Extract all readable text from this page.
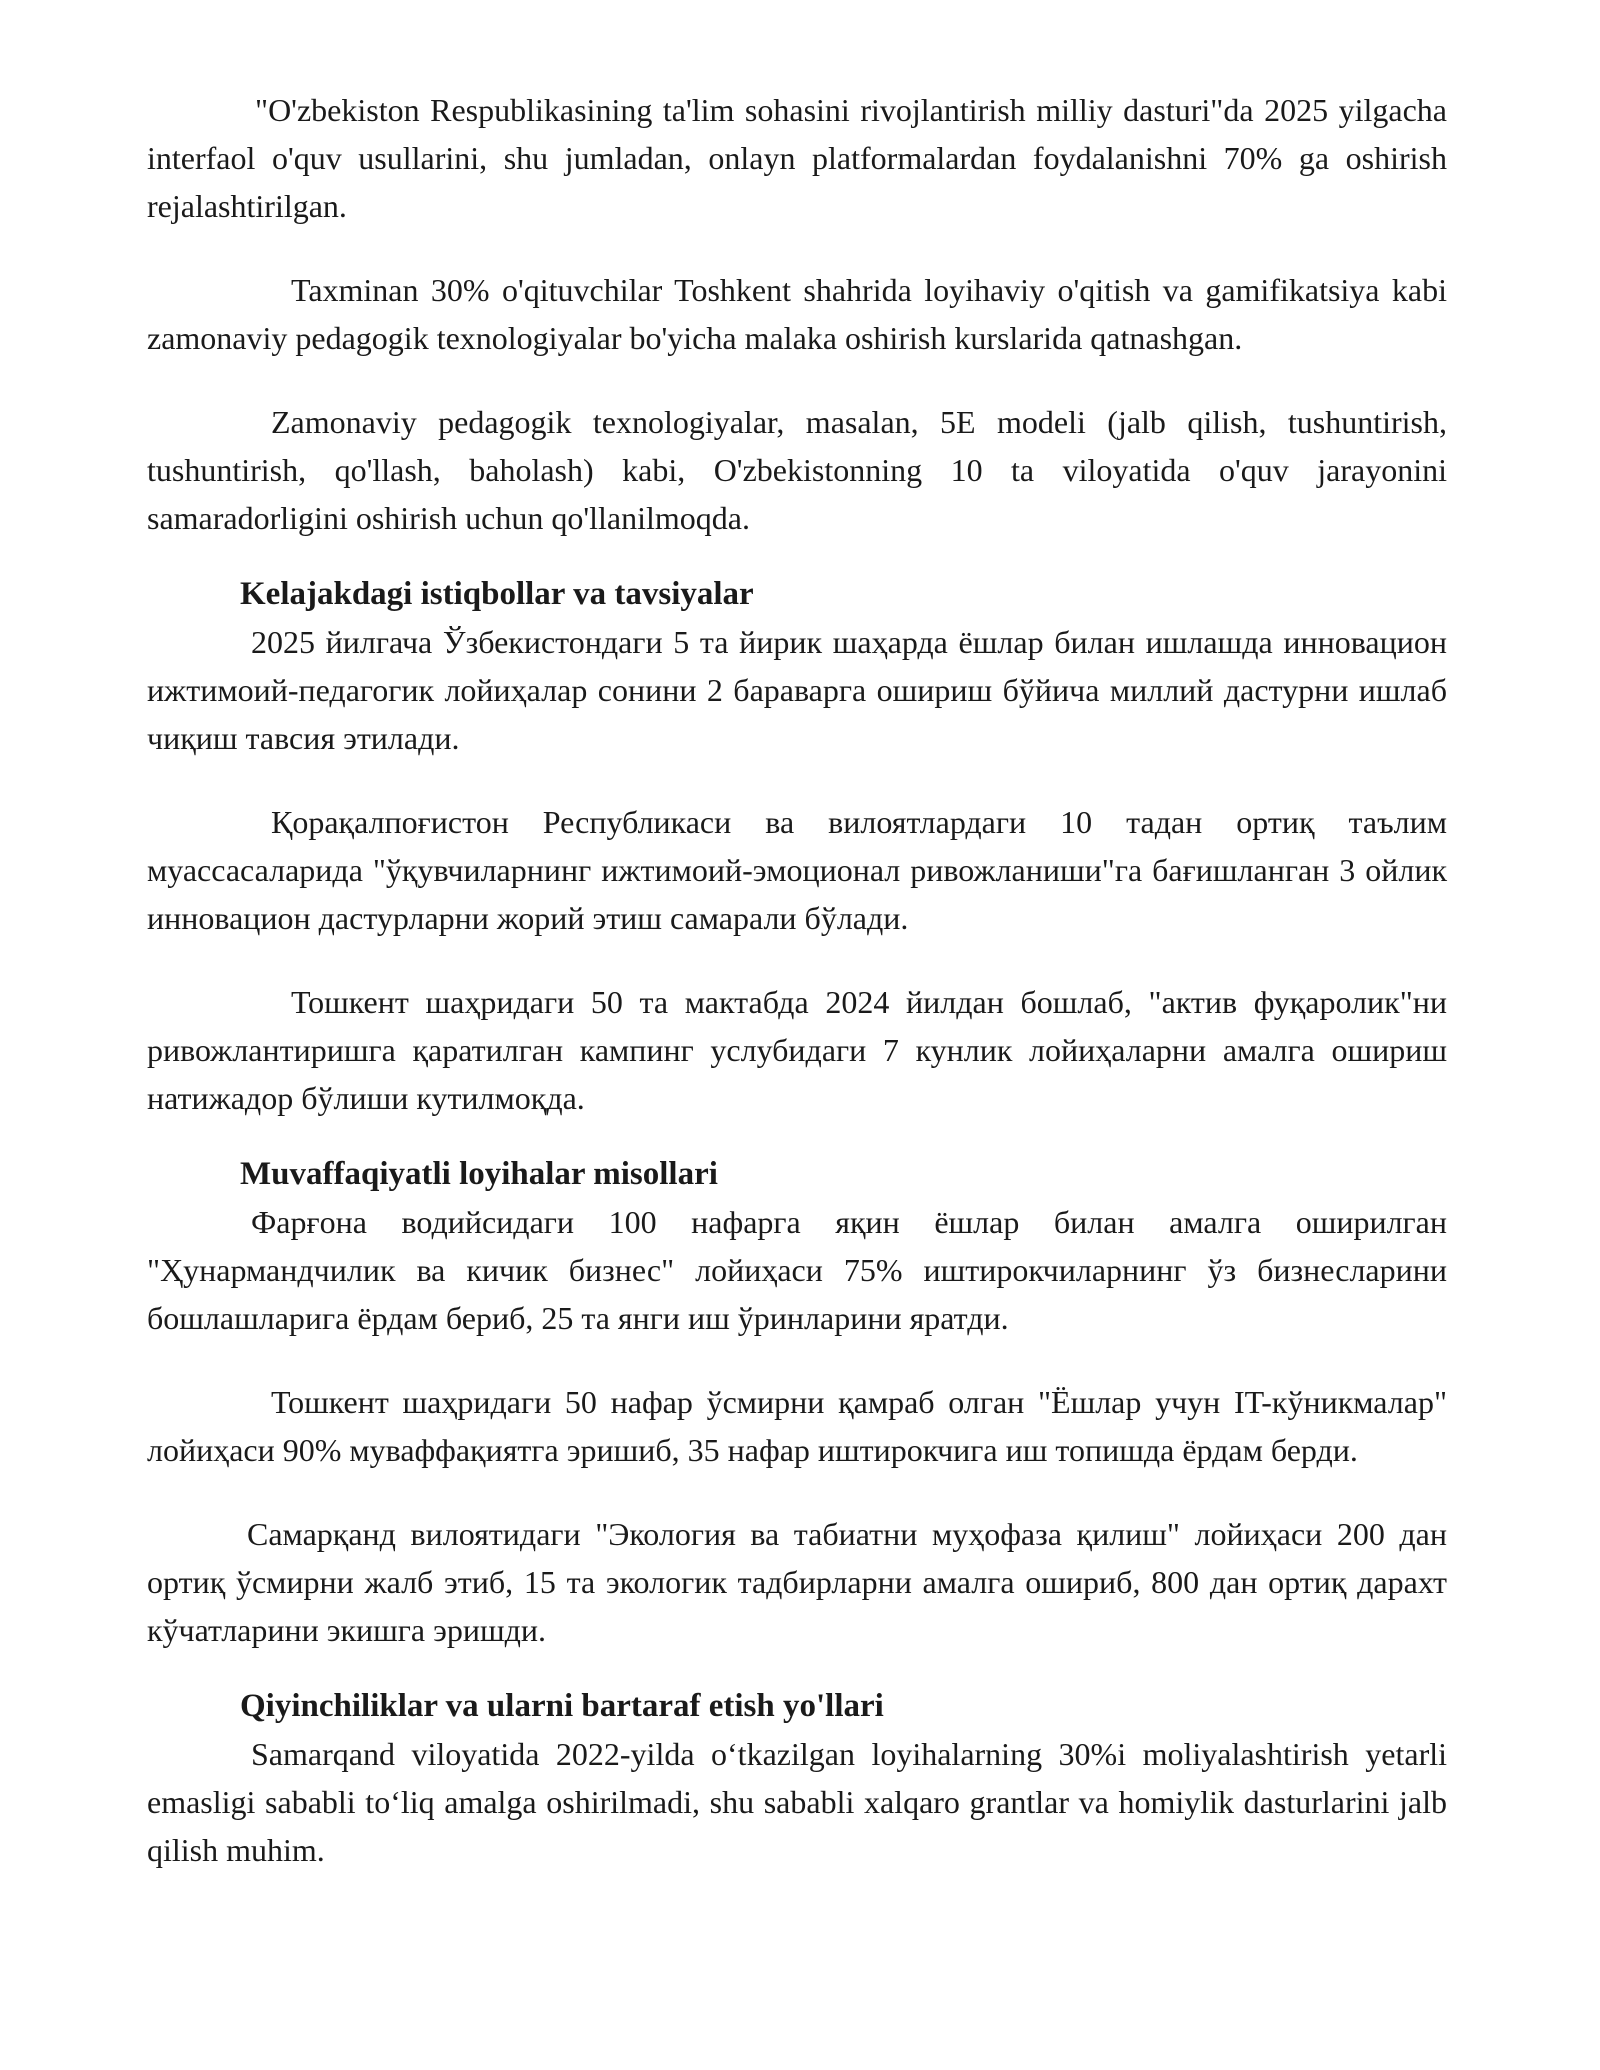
"O'zbekiston Respublikasining ta'lim sohasini rivojlantirish milliy dasturi"da 2025 yilgacha interfaol o'quv usullarini, shu jumladan, onlayn platformalardan foydalanishni 70% ga oshirish rejalashtirilgan.

Taxminan 30% o'qituvchilar Toshkent shahrida loyihaviy o'qitish va gamifikatsiya kabi zamonaviy pedagogik texnologiyalar bo'yicha malaka oshirish kurslarida qatnashgan.

Zamonaviy pedagogik texnologiyalar, masalan, 5E modeli (jalb qilish, tushuntirish, tushuntirish, qo'llash, baholash) kabi, O'zbekistonning 10 ta viloyatida o'quv jarayonini samaradorligini oshirish uchun qo'llanilmoqda.

Kelajakdagi istiqbollar va tavsiyalar

2025 йилгача Ўзбекистондаги 5 та йирик шаҳарда ёшлар билан ишлашда инновацион ижтимоий-педагогик лойиҳалар сонини 2 бараварга ошириш бўйича миллий дастурни ишлаб чиқиш тавсия этилади.

Қорақалпоғистон Республикаси ва вилоятлардаги 10 тадан ортиқ таълим муассасаларида "ўқувчиларнинг ижтимоий-эмоционал ривожланиши"га бағишланган 3 ойлик инновацион дастурларни жорий этиш самарали бўлади.

Тошкент шаҳридаги 50 та мактабда 2024 йилдан бошлаб, "актив фуқаролик"ни ривожлантиришга қаратилган кампинг услубидаги 7 кунлик лойиҳаларни амалга ошириш натижадор бўлиши кутилмоқда.

Muvaffaqiyatli loyihalar misollari

Фарғона водийсидаги 100 нафарга яқин ёшлар билан амалга оширилган "Ҳунармандчилик ва кичик бизнес" лойиҳаси 75% иштирокчиларнинг ўз бизнесларини бошлашларига ёрдам бериб, 25 та янги иш ўринларини яратди.

Тошкент шаҳридаги 50 нафар ўсмирни қамраб олган "Ёшлар учун IT-кўникмалар" лойиҳаси 90% муваффақиятга эришиб, 35 нафар иштирокчига иш топишда ёрдам берди.

Самарқанд вилоятидаги "Экология ва табиатни муҳофаза қилиш" лойиҳаси 200 дан ортиқ ўсмирни жалб этиб, 15 та экологик тадбирларни амалга ошириб, 800 дан ортиқ дарахт кўчатларини экишга эришди.

Qiyinchiliklar va ularni bartaraf etish yo'llari

Samarqand viloyatida 2022-yilda o‘tkazilgan loyihalarning 30%i moliyalashtirish yetarli emasligi sababli to‘liq amalga oshirilmadi, shu sababli xalqaro grantlar va homiylik dasturlarini jalb qilish muhim.
